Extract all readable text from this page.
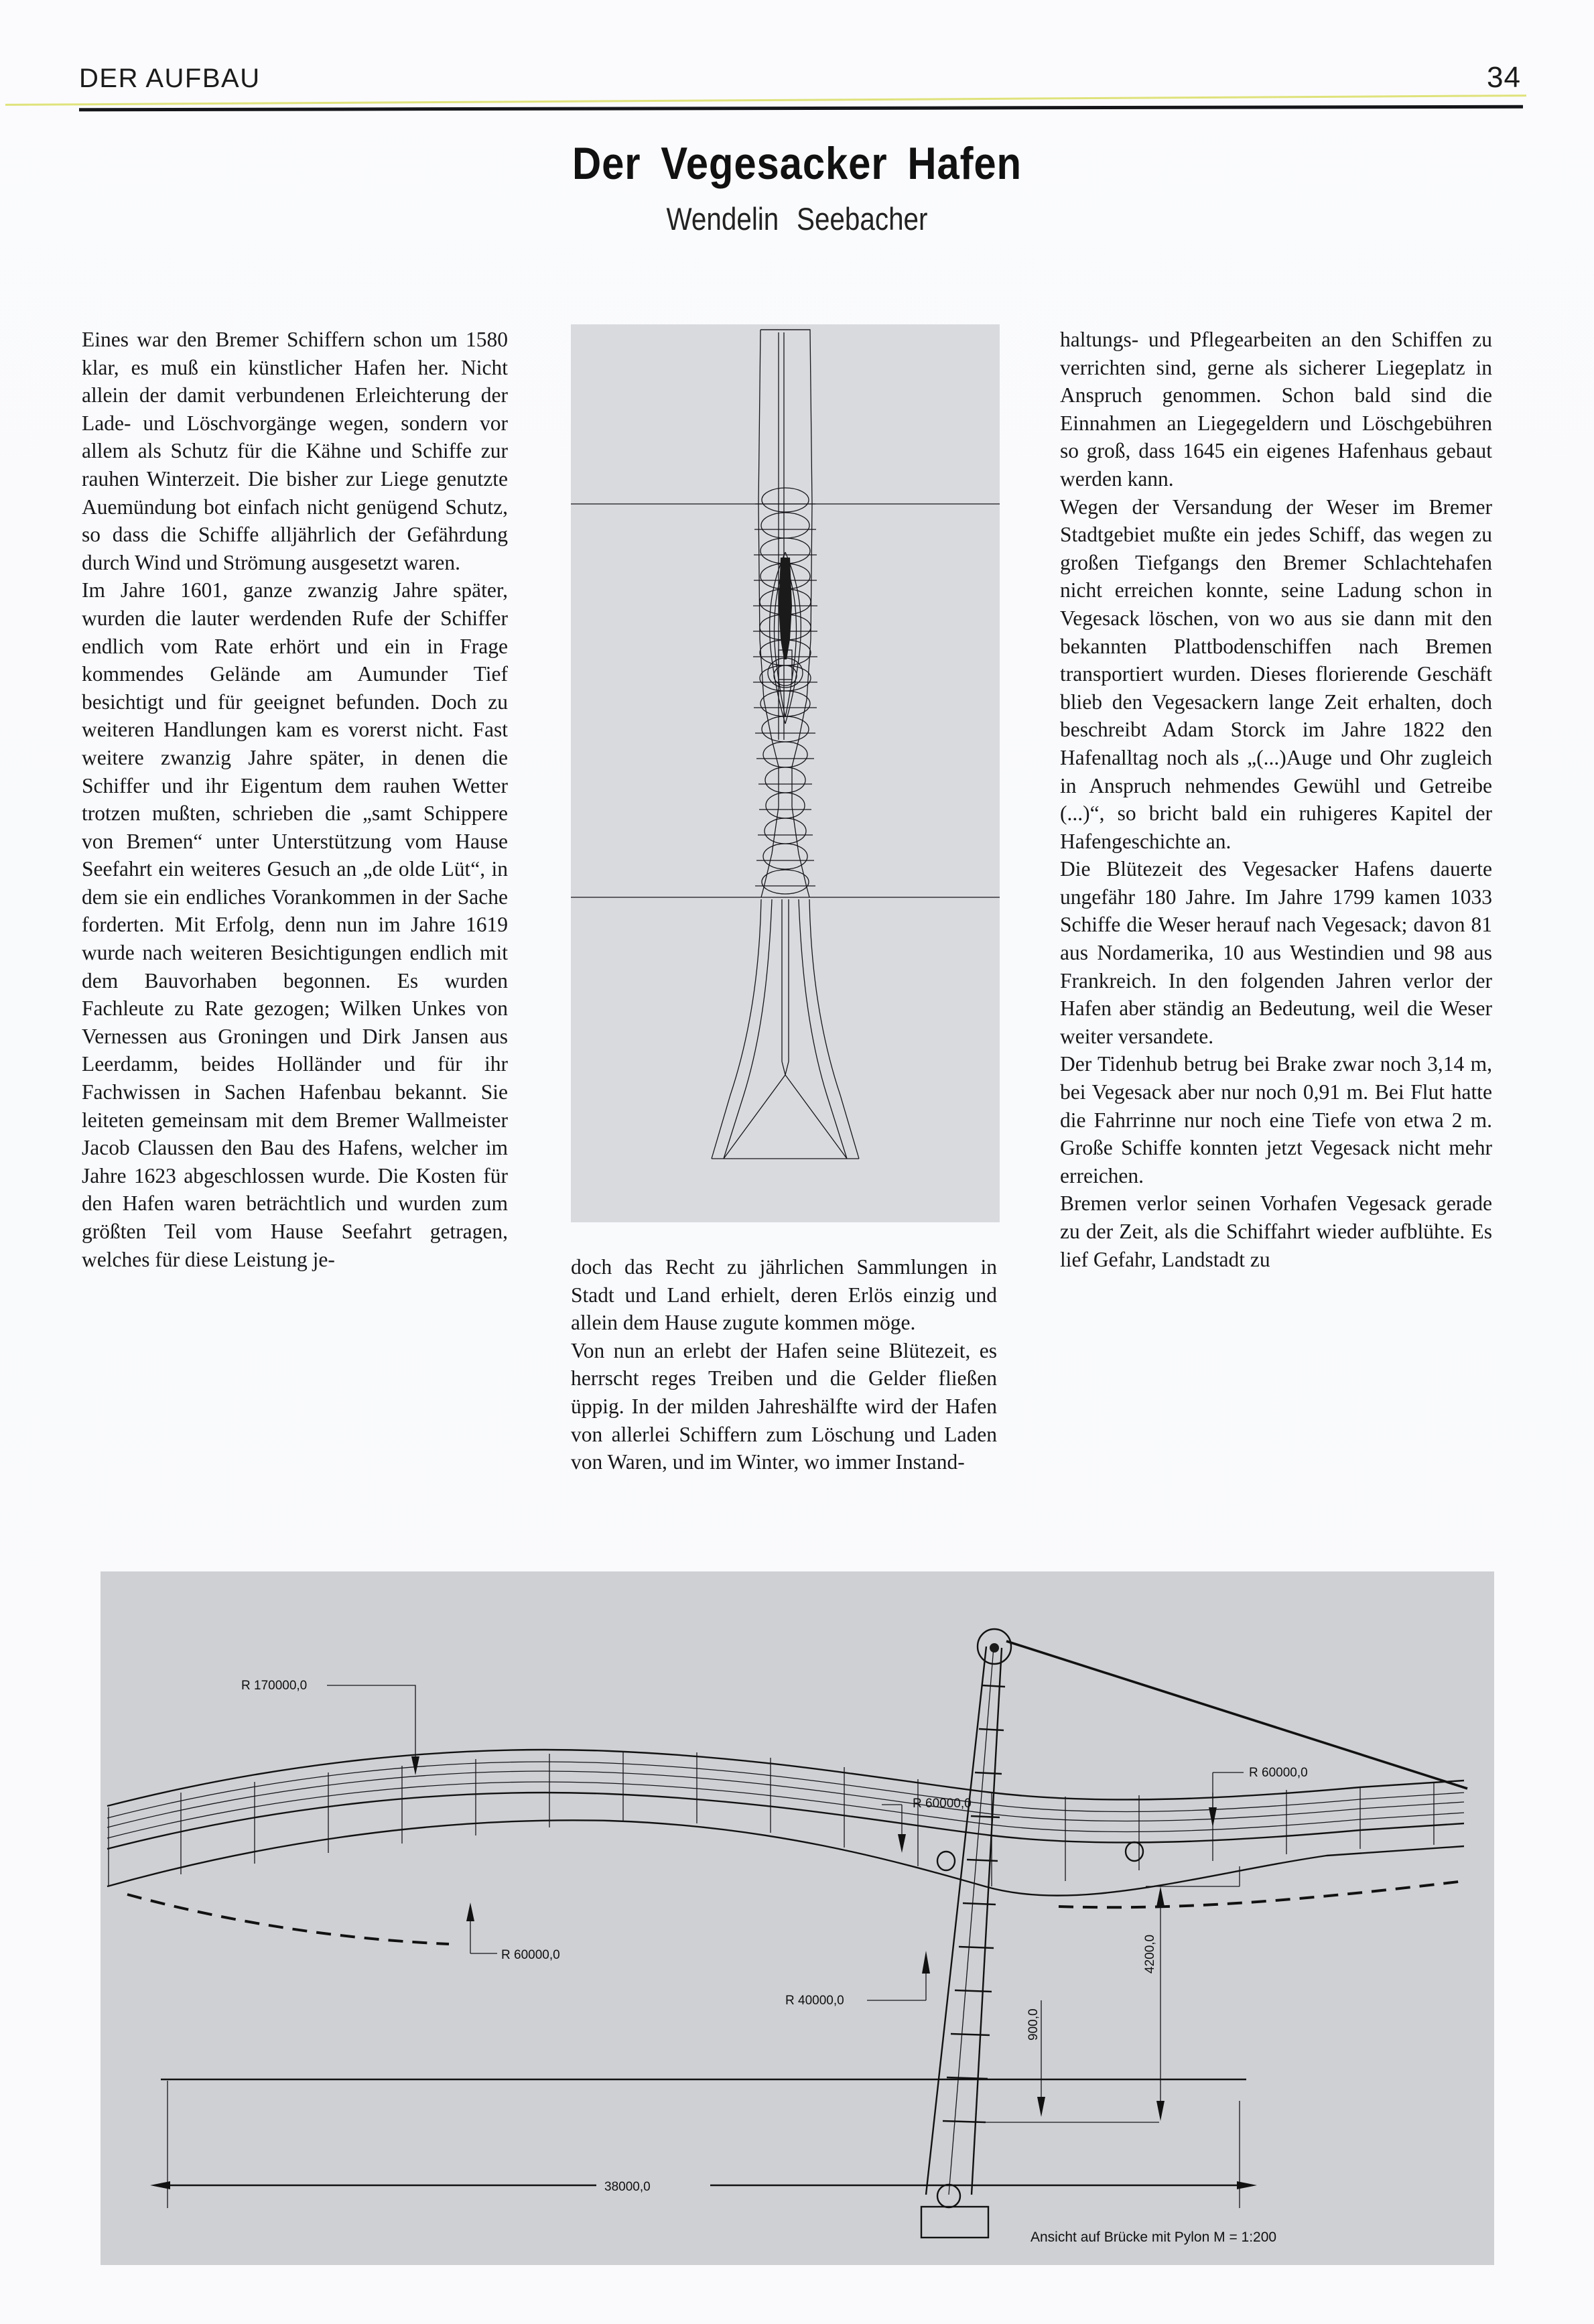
DER AUFBAU	34
Der Vegesacker Hafen
Wendelin Seebacher

Eines war den Bremer Schiffern schon um 1580 klar, es muß ein künstlicher Hafen her. Nicht allein der damit verbundenen Erleichterung der Lade- und Löschvorgänge wegen, sondern vor allem als Schutz für die Kähne und Schiffe zur rauhen Winterzeit. Die bisher zur Liege genutzte Auemündung bot einfach nicht genügend Schutz, so dass die Schiffe alljährlich der Gefährdung durch Wind und Strömung ausgesetzt waren.

Im Jahre 1601, ganze zwanzig Jahre später, wurden die lauter werdenden Rufe der Schiffer endlich vom Rate erhört und ein in Frage kommendes Gelände am Aumunder Tief besichtigt und für geeignet befunden. Doch zu weiteren Handlungen kam es vorerst nicht. Fast weitere zwanzig Jahre später, in denen die Schiffer und ihr Eigentum dem rauhen Wetter trotzen mußten, schrieben die „samt Schippere von Bremen“ unter Unterstützung vom Hause Seefahrt ein weiteres Gesuch an „de olde Lüt“, in dem sie ein endliches Vorankommen in der Sache forderten. Mit Erfolg, denn nun im Jahre 1619 wurde nach weiteren Besichtigungen endlich mit dem Bauvorhaben begonnen. Es wurden Fachleute zu Rate gezogen; Wilken Unkes von Vernessen aus Groningen und Dirk Jansen aus Leerdamm, beides Holländer und für ihr Fachwissen in Sachen Hafenbau bekannt. Sie leiteten gemeinsam mit dem Bremer Wallmeister Jacob Claussen den Bau des Hafens, welcher im Jahre 1623 abgeschlossen wurde. Die Kosten für den Hafen waren beträchtlich und wurden zum größten Teil vom Hause Seefahrt getragen, welches für diese Leistung je-	doch das Recht zu jährlichen Sammlungen in Stadt und Land erhielt, deren Erlös einzig und allein dem Hause zugute kommen möge.

Von nun an erlebt der Hafen seine Blütezeit, es herrscht reges Treiben und die Gelder fließen üppig. In der milden Jahreshälfte wird der Hafen von allerlei Schiffern zum Löschung und Laden von Waren, und im Winter, wo immer Instand-

haltungs- und Pflegearbeiten an den Schiffen zu verrichten sind, gerne als sicherer Liegeplatz in Anspruch genommen. Schon bald sind die Einnahmen an Liegegeldern und Löschgebühren so groß, dass 1645 ein eigenes Hafenhaus gebaut werden kann.

Wegen der Versandung der Weser im Bremer Stadtgebiet mußte ein jedes Schiff, das wegen zu großen Tiefgangs den Bremer Schlachtehafen nicht erreichen konnte, seine Ladung schon in Vegesack löschen, von wo aus sie dann mit den bekannten Plattbodenschiffen nach Bremen transportiert wurden. Dieses florierende Geschäft blieb den Vegesackern lange Zeit erhalten, doch beschreibt Adam Storck im Jahre 1822 den Hafenalltag noch als „(...)Auge und Ohr zugleich in Anspruch nehmendes Gewühl und Getreibe (...)“, so bricht bald ein ruhigeres Kapitel der Hafengeschichte an.

Die Blütezeit des Vegesacker Hafens dauerte ungefähr 180 Jahre. Im Jahre 1799 kamen 1033 Schiffe die Weser herauf nach Vegesack; davon 81 aus Nordamerika, 10 aus Westindien und 98 aus Frankreich. In den folgenden Jahren verlor der Hafen aber ständig an Bedeutung, weil die Weser weiter versandete.

Der Tidenhub betrug bei Brake zwar noch 3,14 m, bei Vegesack aber nur noch 0,91 m. Bei Flut hatte die Fahrrinne nur noch eine Tiefe von etwa 2 m. Große Schiffe konnten jetzt Vegesack nicht mehr erreichen.

Bremen verlor seinen Vorhafen Vegesack gerade zu der Zeit, als die Schiffahrt wieder aufblühte. Es lief Gefahr, Landstadt zu

R 170000,0
R 60000,0
R 60000,0
R 60000,0
R 40000,0
900,0
4200,0
38000,0
Ansicht auf Brücke mit Pylon M = 1:200
